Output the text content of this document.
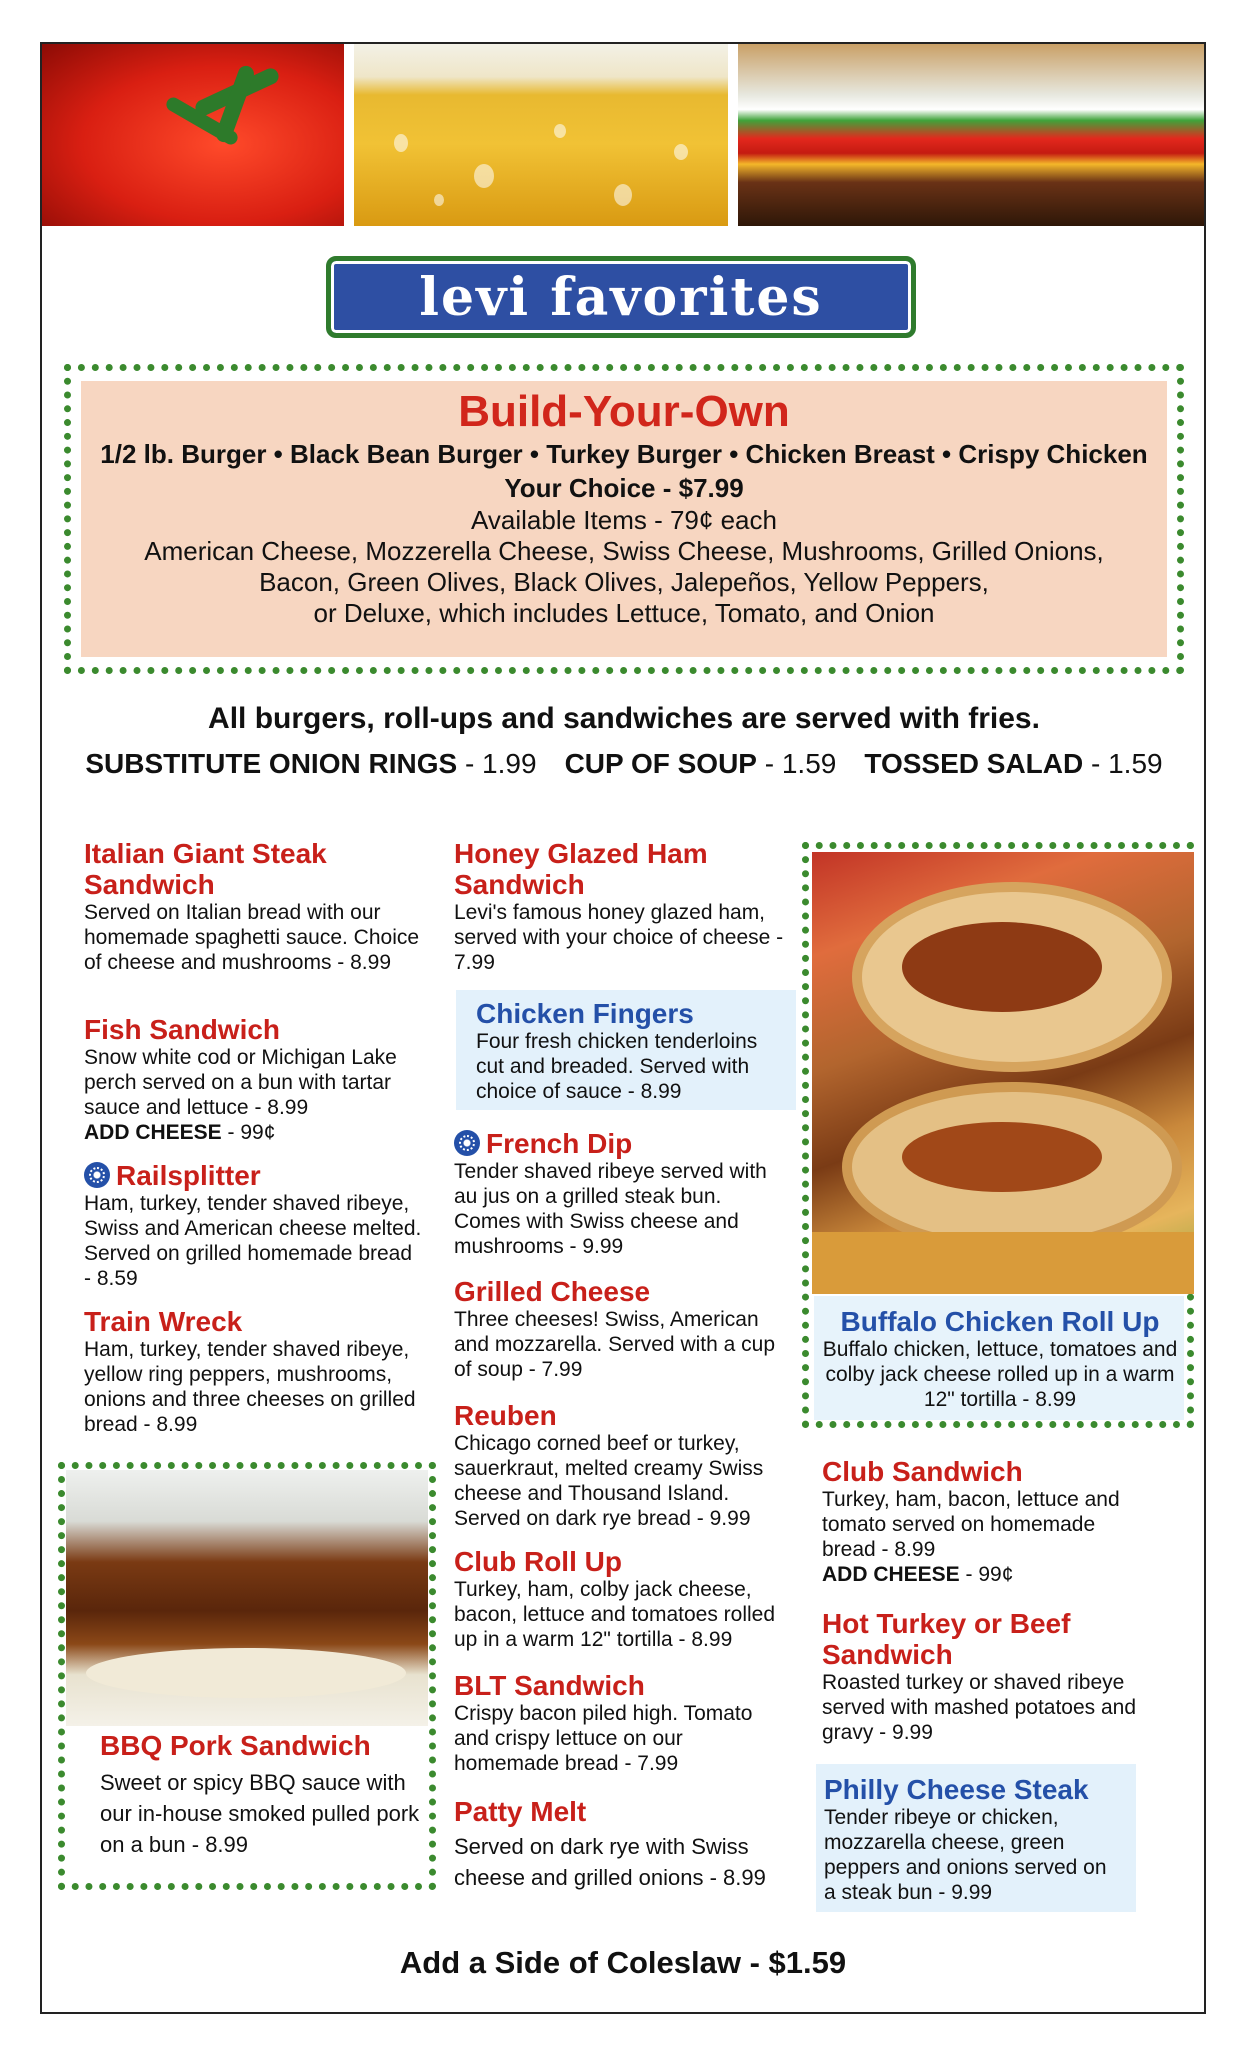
levi favorites
Build-Your-Own
1/2 lb. Burger • Black Bean Burger • Turkey Burger • Chicken Breast • Crispy Chicken
Your Choice - $7.99
Available Items - 79¢ each
American Cheese, Mozzerella Cheese, Swiss Cheese, Mushrooms, Grilled Onions,
Bacon, Green Olives, Black Olives, Jalepeños, Yellow Peppers,
or Deluxe, which includes Lettuce, Tomato, and Onion
All burgers, roll-ups and sandwiches are served with fries.
SUBSTITUTE ONION RINGS - 1.99 CUP OF SOUP - 1.59 TOSSED SALAD - 1.59
Italian Giant Steak Sandwich
Served on Italian bread with our homemade spaghetti sauce. Choice of cheese and mushrooms - 8.99
Fish Sandwich
Snow white cod or Michigan Lake perch served on a bun with tartar sauce and lettuce - 8.99
ADD CHEESE - 99¢
Railsplitter
Ham, turkey, tender shaved ribeye, Swiss and American cheese melted. Served on grilled homemade bread - 8.59
Train Wreck
Ham, turkey, tender shaved ribeye, yellow ring peppers, mushrooms, onions and three cheeses on grilled bread - 8.99
BBQ Pork Sandwich
Sweet or spicy BBQ sauce with our in-house smoked pulled pork on a bun - 8.99
Honey Glazed Ham Sandwich
Levi's famous honey glazed ham, served with your choice of cheese - 7.99
Chicken Fingers
Four fresh chicken tenderloins cut and breaded. Served with choice of sauce - 8.99
French Dip
Tender shaved ribeye served with au jus on a grilled steak bun. Comes with Swiss cheese and mushrooms - 9.99
Grilled Cheese
Three cheeses! Swiss, American and mozzarella. Served with a cup of soup - 7.99
Reuben
Chicago corned beef or turkey, sauerkraut, melted creamy Swiss cheese and Thousand Island. Served on dark rye bread - 9.99
Club Roll Up
Turkey, ham, colby jack cheese, bacon, lettuce and tomatoes rolled up in a warm 12" tortilla - 8.99
BLT Sandwich
Crispy bacon piled high. Tomato and crispy lettuce on our homemade bread - 7.99
Patty Melt
Served on dark rye with Swiss cheese and grilled onions - 8.99
Buffalo Chicken Roll Up
Buffalo chicken, lettuce, tomatoes and colby jack cheese rolled up in a warm 12" tortilla - 8.99
Club Sandwich
Turkey, ham, bacon, lettuce and tomato served on homemade bread - 8.99
ADD CHEESE - 99¢
Hot Turkey or Beef Sandwich
Roasted turkey or shaved ribeye served with mashed potatoes and gravy - 9.99
Philly Cheese Steak
Tender ribeye or chicken, mozzarella cheese, green peppers and onions served on a steak bun - 9.99
Add a Side of Coleslaw - $1.59
